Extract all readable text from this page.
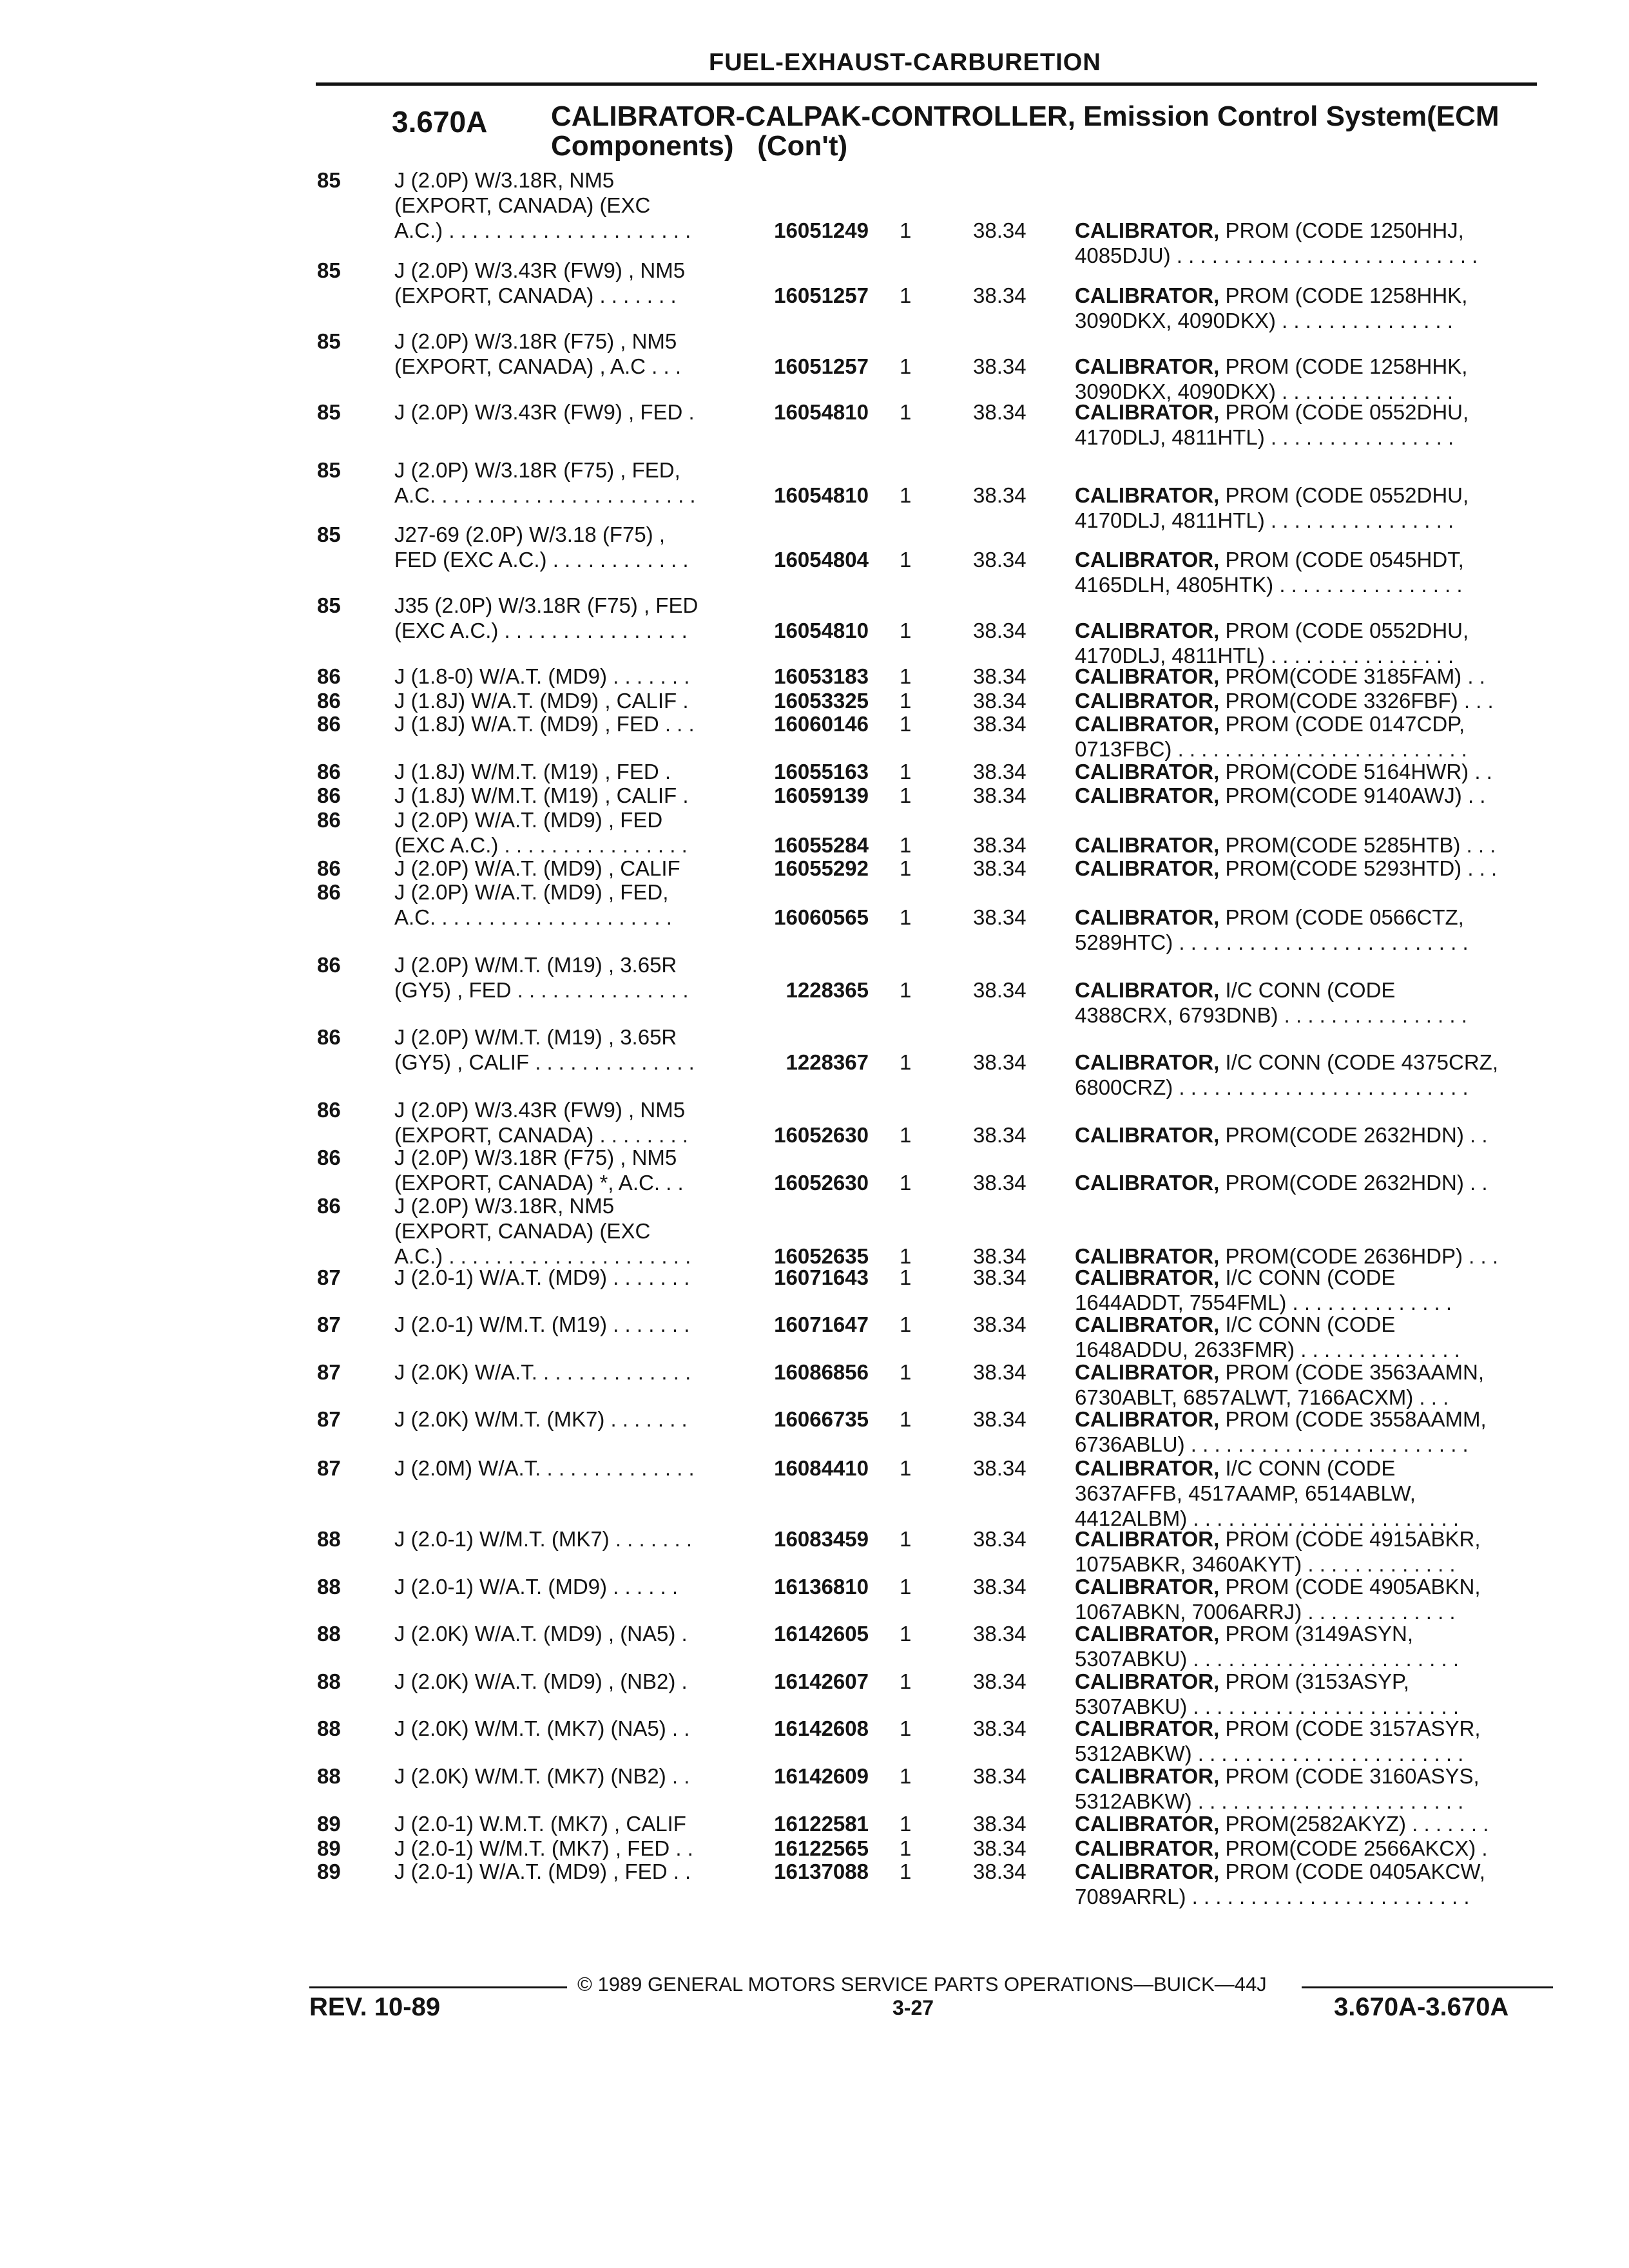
FUEL-EXHAUST-CARBURETION
3.670A CALIBRATOR-CALPAK-CONTROLLER, Emission Control System(ECM
Components)   (Con't)
85	J (2.0P) W/3.18R, NM5
(EXPORT, CANADA) (EXC
A.C.) . . . . . . . . . . . . . . . . . . . . .	16051249 1	38.34 CALIBRATOR, PROM (CODE 1250HHJ,
4085DJU) . . . . . . . . . . . . . . . . . . . . . . . . . .
85	J (2.0P) W/3.43R (FW9) , NM5
(EXPORT, CANADA) . . . . . . .	16051257 1	38.34 CALIBRATOR, PROM (CODE 1258HHK,
3090DKX, 4090DKX) . . . . . . . . . . . . . . .
85	J (2.0P) W/3.18R (F75) , NM5
(EXPORT, CANADA) , A.C . . .	16051257 1	38.34 CALIBRATOR, PROM (CODE 1258HHK,
3090DKX, 4090DKX) . . . . . . . . . . . . . . .
85	J (2.0P) W/3.43R (FW9) , FED .	16054810 1	38.34 CALIBRATOR, PROM (CODE 0552DHU,
4170DLJ, 4811HTL) . . . . . . . . . . . . . . . .
85	J (2.0P) W/3.18R (F75) , FED,
A.C. . . . . . . . . . . . . . . . . . . . . . .	16054810 1	38.34 CALIBRATOR, PROM (CODE 0552DHU,
4170DLJ, 4811HTL) . . . . . . . . . . . . . . . .
85	J27-69 (2.0P) W/3.18 (F75) ,
FED (EXC A.C.) . . . . . . . . . . . .	16054804 1	38.34 CALIBRATOR, PROM (CODE 0545HDT,
4165DLH, 4805HTK) . . . . . . . . . . . . . . . .
85	J35 (2.0P) W/3.18R (F75) , FED
(EXC A.C.) . . . . . . . . . . . . . . . .	16054810 1	38.34 CALIBRATOR, PROM (CODE 0552DHU,
4170DLJ, 4811HTL) . . . . . . . . . . . . . . . .
86	J (1.8-0) W/A.T. (MD9) . . . . . . .	16053183 1	38.34 CALIBRATOR, PROM(CODE 3185FAM) . .
86	J (1.8J) W/A.T. (MD9) , CALIF .	16053325 1	38.34 CALIBRATOR, PROM(CODE 3326FBF) . . .
86	J (1.8J) W/A.T. (MD9) , FED . . .	16060146 1	38.34 CALIBRATOR, PROM (CODE 0147CDP,
0713FBC) . . . . . . . . . . . . . . . . . . . . . . . . .
86	J (1.8J) W/M.T. (M19) , FED .	16055163 1	38.34 CALIBRATOR, PROM(CODE 5164HWR) . .
86	J (1.8J) W/M.T. (M19) , CALIF .	16059139 1	38.34 CALIBRATOR, PROM(CODE 9140AWJ) . .
86	J (2.0P) W/A.T. (MD9) , FED
(EXC A.C.) . . . . . . . . . . . . . . . .	16055284 1	38.34 CALIBRATOR, PROM(CODE 5285HTB) . . .
86	J (2.0P) W/A.T. (MD9) , CALIF	16055292 1	38.34 CALIBRATOR, PROM(CODE 5293HTD) . . .
86	J (2.0P) W/A.T. (MD9) , FED,
A.C. . . . . . . . . . . . . . . . . . . . .	16060565 1	38.34 CALIBRATOR, PROM (CODE 0566CTZ,
5289HTC) . . . . . . . . . . . . . . . . . . . . . . . . .
86	J (2.0P) W/M.T. (M19) , 3.65R
(GY5) , FED . . . . . . . . . . . . . . .	1228365 1	38.34 CALIBRATOR, I/C CONN (CODE
4388CRX, 6793DNB) . . . . . . . . . . . . . . . .
86	J (2.0P) W/M.T. (M19) , 3.65R
(GY5) , CALIF . . . . . . . . . . . . . .	1228367 1	38.34 CALIBRATOR, I/C CONN (CODE 4375CRZ,
6800CRZ) . . . . . . . . . . . . . . . . . . . . . . . . .
86	J (2.0P) W/3.43R (FW9) , NM5
(EXPORT, CANADA) . . . . . . . .	16052630 1	38.34 CALIBRATOR, PROM(CODE 2632HDN) . .
86	J (2.0P) W/3.18R (F75) , NM5
(EXPORT, CANADA) *, A.C. . .	16052630 1	38.34 CALIBRATOR, PROM(CODE 2632HDN) . .
86	J (2.0P) W/3.18R, NM5
(EXPORT, CANADA) (EXC
A.C.) . . . . . . . . . . . . . . . . . . . . .	16052635 1	38.34 CALIBRATOR, PROM(CODE 2636HDP) . . .
87	J (2.0-1) W/A.T. (MD9) . . . . . . .	16071643 1	38.34 CALIBRATOR, I/C CONN (CODE
1644ADDT, 7554FML) . . . . . . . . . . . . . .
87	J (2.0-1) W/M.T. (M19) . . . . . . .	16071647 1	38.34 CALIBRATOR, I/C CONN (CODE
1648ADDU, 2633FMR) . . . . . . . . . . . . . .
87	J (2.0K) W/A.T. . . . . . . . . . . . . .	16086856 1	38.34 CALIBRATOR, PROM (CODE 3563AAMN,
6730ABLT, 6857ALWT, 7166ACXM) . . .
87	J (2.0K) W/M.T. (MK7) . . . . . . .	16066735 1	38.34 CALIBRATOR, PROM (CODE 3558AAMM,
6736ABLU) . . . . . . . . . . . . . . . . . . . . . . . .
87	J (2.0M) W/A.T. . . . . . . . . . . . . .	16084410 1	38.34 CALIBRATOR, I/C CONN (CODE
3637AFFB, 4517AAMP, 6514ABLW,
4412ALBM) . . . . . . . . . . . . . . . . . . . . . . .
88	J (2.0-1) W/M.T. (MK7) . . . . . . .	16083459 1	38.34 CALIBRATOR, PROM (CODE 4915ABKR,
1075ABKR, 3460AKYT) . . . . . . . . . . . . .
88	J (2.0-1) W/A.T. (MD9) . . . . . .	16136810 1	38.34 CALIBRATOR, PROM (CODE 4905ABKN,
1067ABKN, 7006ARRJ) . . . . . . . . . . . . .
88	J (2.0K) W/A.T. (MD9) , (NA5) .	16142605 1	38.34 CALIBRATOR, PROM (3149ASYN,
5307ABKU) . . . . . . . . . . . . . . . . . . . . . . .
88	J (2.0K) W/A.T. (MD9) , (NB2) .	16142607 1	38.34 CALIBRATOR, PROM (3153ASYP,
5307ABKU) . . . . . . . . . . . . . . . . . . . . . . .
88	J (2.0K) W/M.T. (MK7) (NA5) . .	16142608 1	38.34 CALIBRATOR, PROM (CODE 3157ASYR,
5312ABKW) . . . . . . . . . . . . . . . . . . . . . . .
88	J (2.0K) W/M.T. (MK7) (NB2) . .	16142609 1	38.34 CALIBRATOR, PROM (CODE 3160ASYS,
5312ABKW) . . . . . . . . . . . . . . . . . . . . . . .
89	J (2.0-1) W.M.T. (MK7) , CALIF	16122581 1	38.34 CALIBRATOR, PROM(2582AKYZ) . . . . . . .
89	J (2.0-1) W/M.T. (MK7) , FED . .	16122565 1	38.34 CALIBRATOR, PROM(CODE 2566AKCX) .
89	J (2.0-1) W/A.T. (MD9) , FED . .	16137088 1	38.34 CALIBRATOR, PROM (CODE 0405AKCW,
7089ARRL) . . . . . . . . . . . . . . . . . . . . . . . .
© 1989 GENERAL MOTORS SERVICE PARTS OPERATIONS—BUICK—44J
REV. 10-89	3-27	3.670A-3.670A
